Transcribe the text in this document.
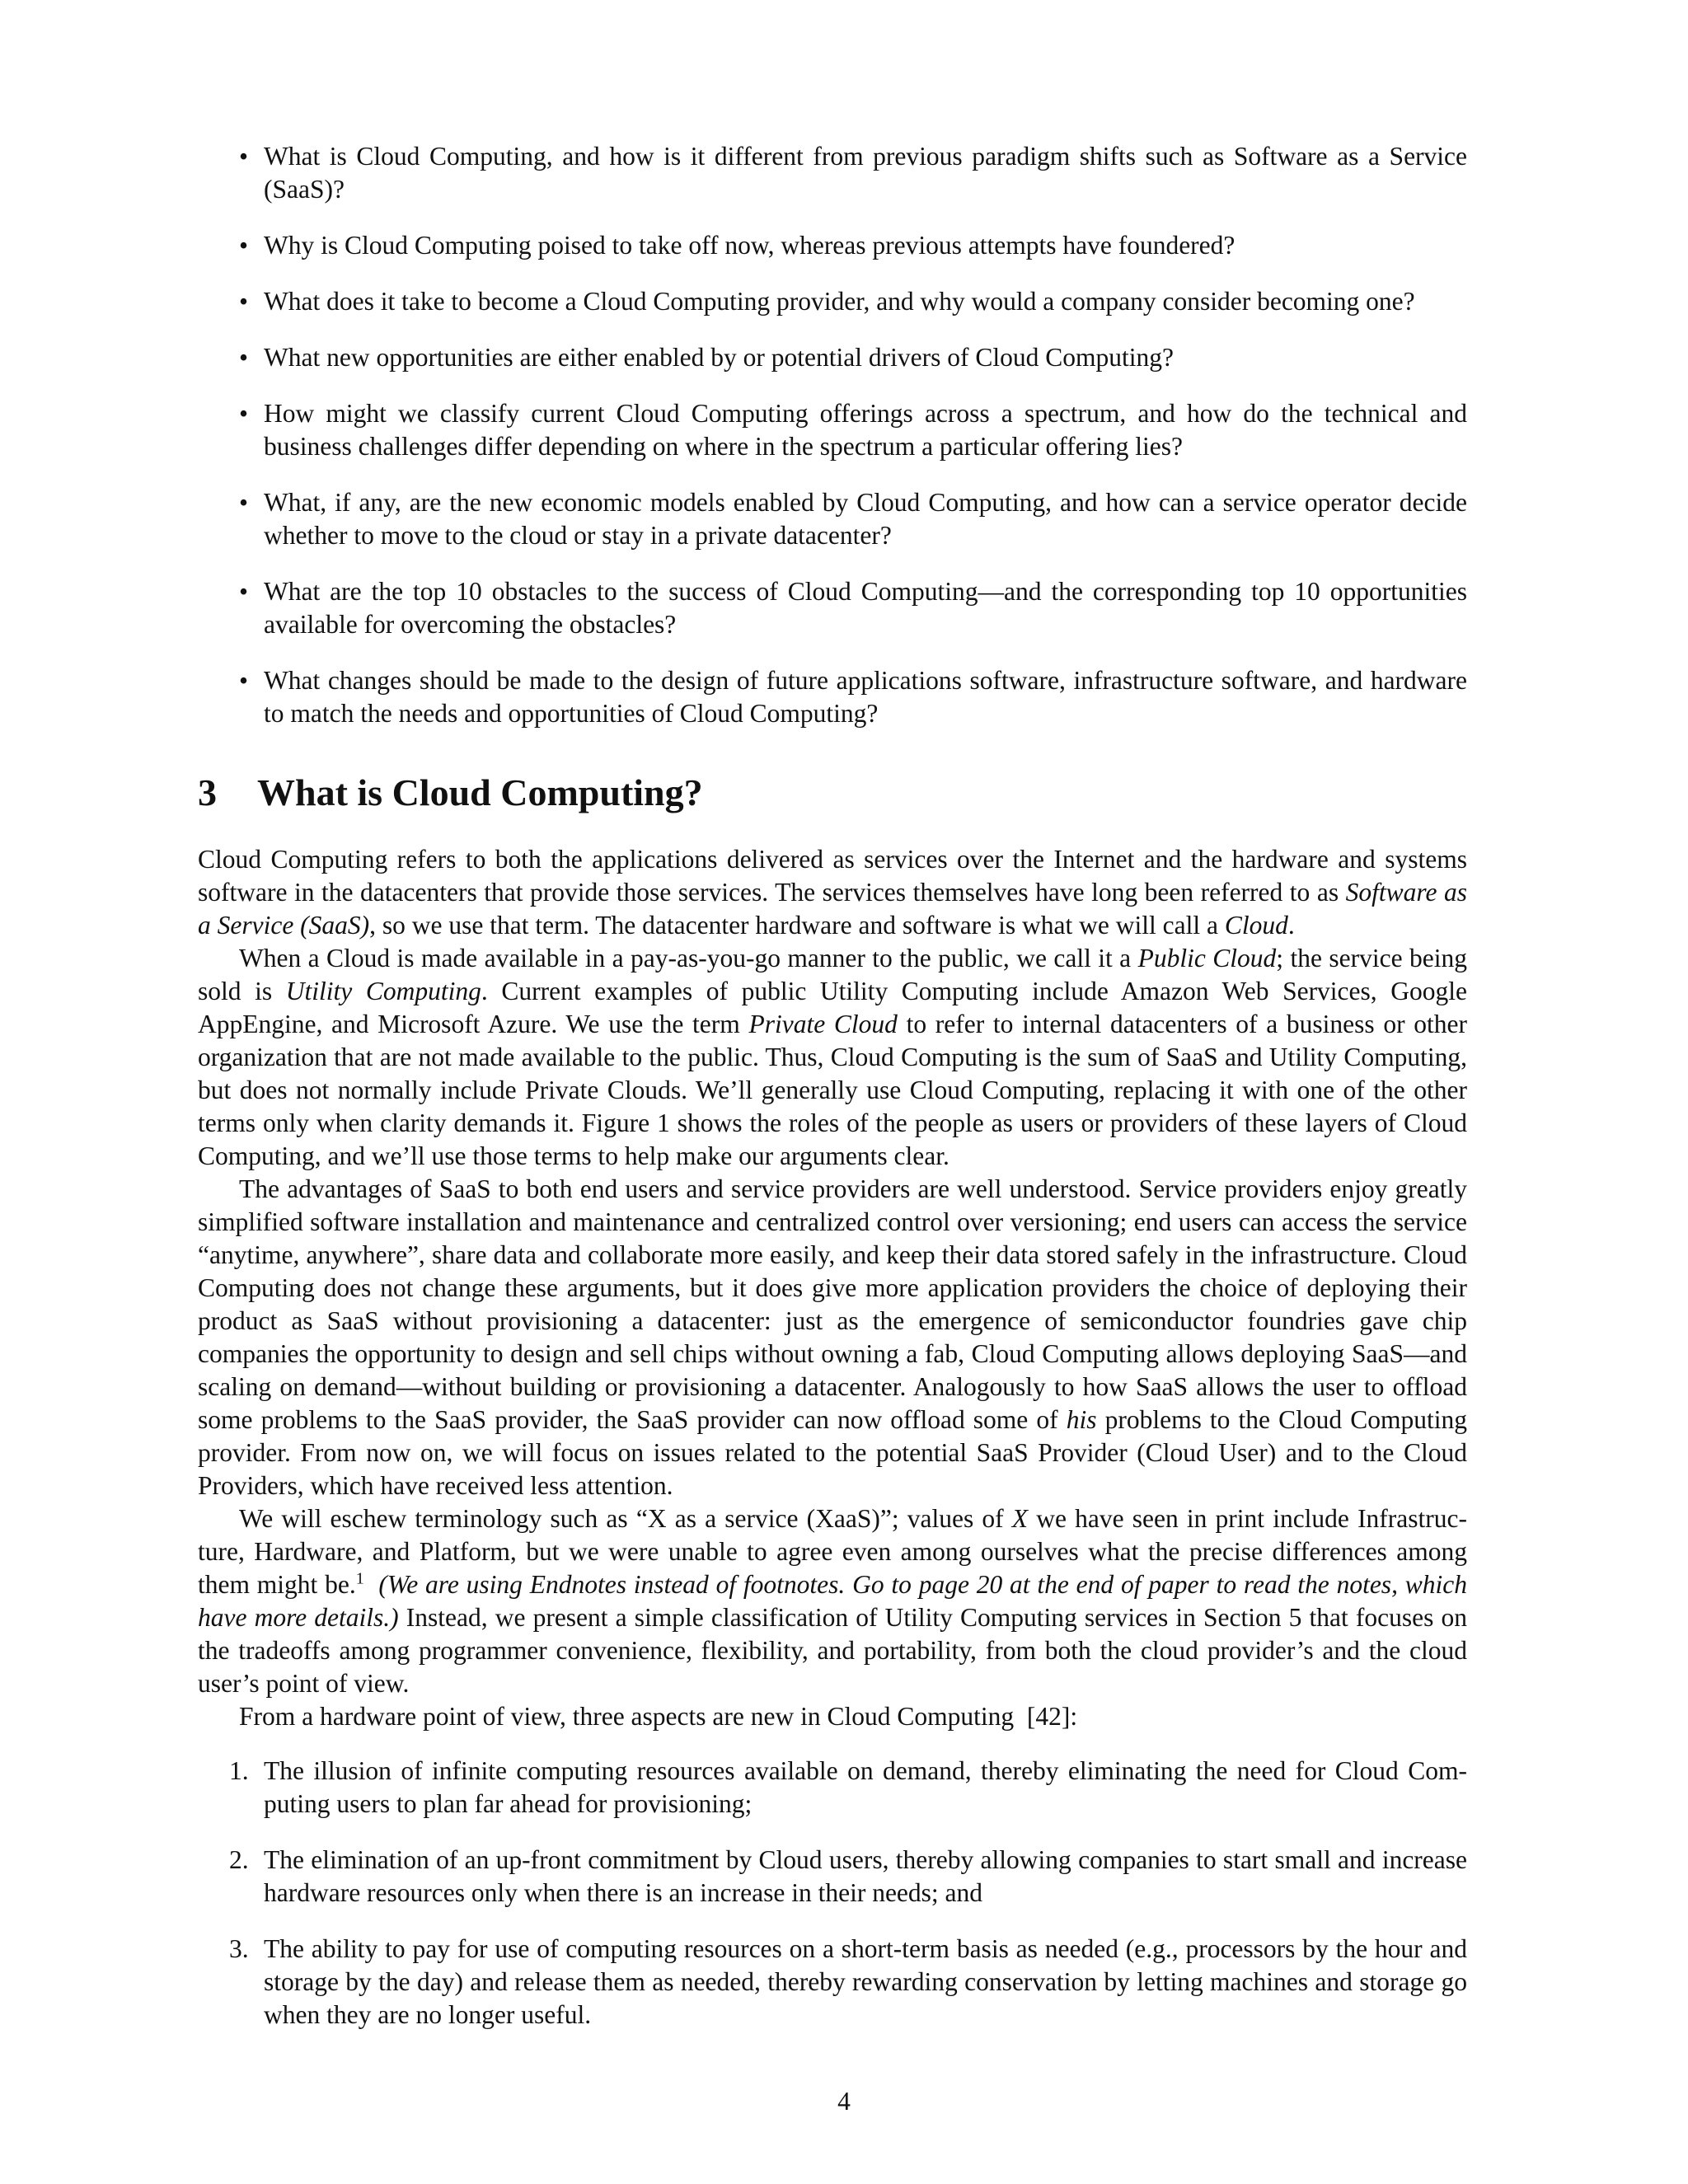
• What is Cloud Computing, and how is it different from previous paradigm shifts such as Software as a Service (SaaS)?
• Why is Cloud Computing poised to take off now, whereas previous attempts have foundered?
• What does it take to become a Cloud Computing provider, and why would a company consider becoming one?
• What new opportunities are either enabled by or potential drivers of Cloud Computing?
• How might we classify current Cloud Computing offerings across a spectrum, and how do the technical and business challenges differ depending on where in the spectrum a particular offering lies?
• What, if any, are the new economic models enabled by Cloud Computing, and how can a service operator decide whether to move to the cloud or stay in a private datacenter?
• What are the top 10 obstacles to the success of Cloud Computing—and the corresponding top 10 opportunities available for overcoming the obstacles?
• What changes should be made to the design of future applications software, infrastructure software, and hardware to match the needs and opportunities of Cloud Computing?
3 What is Cloud Computing?

Cloud Computing refers to both the applications delivered as services over the Internet and the hardware and systems software in the datacenters that provide those services. The services themselves have long been referred to as Software as a Service (SaaS), so we use that term. The datacenter hardware and software is what we will call a Cloud.

When a Cloud is made available in a pay-as-you-go manner to the public, we call it a Public Cloud; the service being sold is Utility Computing. Current examples of public Utility Computing include Amazon Web Services, Google AppEngine, and Microsoft Azure. We use the term Private Cloud to refer to internal datacenters of a business or other organization that are not made available to the public. Thus, Cloud Computing is the sum of SaaS and Utility Computing, but does not normally include Private Clouds. We’ll generally use Cloud Computing, replacing it with one of the other terms only when clarity demands it. Figure 1 shows the roles of the people as users or providers of these layers of Cloud Computing, and we’ll use those terms to help make our arguments clear.

The advantages of SaaS to both end users and service providers are well understood. Service providers enjoy greatly simplified software installation and maintenance and centralized control over versioning; end users can access the service “anytime, anywhere”, share data and collaborate more easily, and keep their data stored safely in the infrastructure. Cloud Computing does not change these arguments, but it does give more application providers the choice of deploying their product as SaaS without provisioning a datacenter: just as the emergence of semiconductor foundries gave chip companies the opportunity to design and sell chips without owning a fab, Cloud Computing allows deploying SaaS—and scaling on demand—without building or provisioning a datacenter. Analogously to how SaaS allows the user to offload some problems to the SaaS provider, the SaaS provider can now offload some of his problems to the Cloud Computing provider. From now on, we will focus on issues related to the potential SaaS Provider (Cloud User) and to the Cloud Providers, which have received less attention.

We will eschew terminology such as “X as a service (XaaS)”; values of X we have seen in print include Infrastructure, Hardware, and Platform, but we were unable to agree even among ourselves what the precise differences among them might be.$^1$ (We are using Endnotes instead of footnotes. Go to page 20 at the end of paper to read the notes, which have more details.) Instead, we present a simple classification of Utility Computing services in Section 5 that focuses on the tradeoffs among programmer convenience, flexibility, and portability, from both the cloud provider’s and the cloud user’s point of view.

From a hardware point of view, three aspects are new in Cloud Computing  [42]:

1. The illusion of infinite computing resources available on demand, thereby eliminating the need for Cloud Computing users to plan far ahead for provisioning;
2. The elimination of an up-front commitment by Cloud users, thereby allowing companies to start small and increase hardware resources only when there is an increase in their needs; and
3. The ability to pay for use of computing resources on a short-term basis as needed (e.g., processors by the hour and storage by the day) and release them as needed, thereby rewarding conservation by letting machines and storage go when they are no longer useful.
4
